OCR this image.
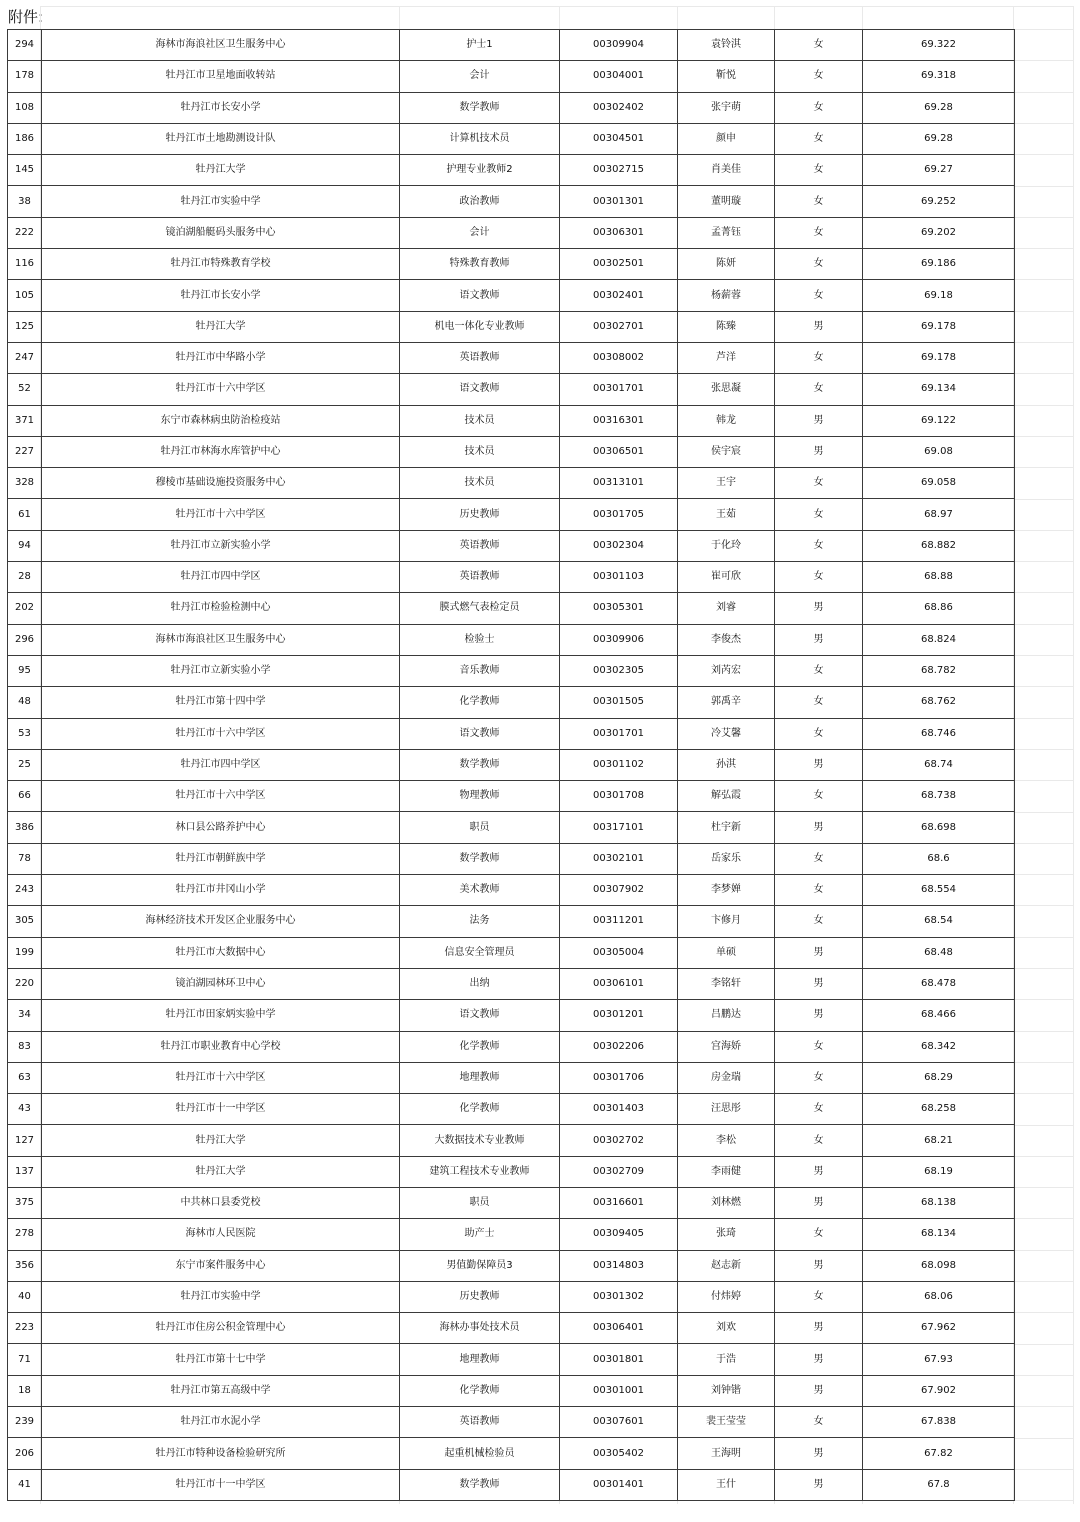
附件:
294	海林市海浪社区卫生服务中心	护士1	00309904	袁铃淇	女	69.322
178	牡丹江市卫星地面收转站	会计	00304001	靳悦	女	69.318
108	牡丹江市长安小学	数学教师	00302402	张宇萌	女	69.28
186	牡丹江市土地勘测设计队	计算机技术员	00304501	颜申	女	69.28
145	牡丹江大学	护理专业教师2	00302715	肖美佳	女	69.27
38	牡丹江市实验中学	政治教师	00301301	董明璇	女	69.252
222	镜泊湖船艇码头服务中心	会计	00306301	孟菁钰	女	69.202
116	牡丹江市特殊教育学校	特殊教育教师	00302501	陈妍	女	69.186
105	牡丹江市长安小学	语文教师	00302401	杨薪蓉	女	69.18
125	牡丹江大学	机电一体化专业教师	00302701	陈臻	男	69.178
247	牡丹江市中华路小学	英语教师	00308002	芦洋	女	69.178
52	牡丹江市十六中学区	语文教师	00301701	张思凝	女	69.134
371	东宁市森林病虫防治检疫站	技术员	00316301	韩龙	男	69.122
227	牡丹江市林海水库管护中心	技术员	00306501	侯宇宸	男	69.08
328	穆棱市基础设施投资服务中心	技术员	00313101	王宇	女	69.058
61	牡丹江市十六中学区	历史教师	00301705	王茹	女	68.97
94	牡丹江市立新实验小学	英语教师	00302304	于化玲	女	68.882
28	牡丹江市四中学区	英语教师	00301103	崔可欣	女	68.88
202	牡丹江市检验检测中心	膜式燃气表检定员	00305301	刘睿	男	68.86
296	海林市海浪社区卫生服务中心	检验士	00309906	李俊杰	男	68.824
95	牡丹江市立新实验小学	音乐教师	00302305	刘芮宏	女	68.782
48	牡丹江市第十四中学	化学教师	00301505	郭禹辛	女	68.762
53	牡丹江市十六中学区	语文教师	00301701	冷艾馨	女	68.746
25	牡丹江市四中学区	数学教师	00301102	孙淇	男	68.74
66	牡丹江市十六中学区	物理教师	00301708	解弘霞	女	68.738
386	林口县公路养护中心	职员	00317101	杜宇新	男	68.698
78	牡丹江市朝鲜族中学	数学教师	00302101	岳家乐	女	68.6
243	牡丹江市井冈山小学	美术教师	00307902	李梦婵	女	68.554
305	海林经济技术开发区企业服务中心	法务	00311201	卞修月	女	68.54
199	牡丹江市大数据中心	信息安全管理员	00305004	单硕	男	68.48
220	镜泊湖园林环卫中心	出纳	00306101	李铭轩	男	68.478
34	牡丹江市田家炳实验中学	语文教师	00301201	吕鹏达	男	68.466
83	牡丹江市职业教育中心学校	化学教师	00302206	宫海娇	女	68.342
63	牡丹江市十六中学区	地理教师	00301706	房金瑞	女	68.29
43	牡丹江市十一中学区	化学教师	00301403	汪思彤	女	68.258
127	牡丹江大学	大数据技术专业教师	00302702	李松	女	68.21
137	牡丹江大学	建筑工程技术专业教师	00302709	李雨健	男	68.19
375	中共林口县委党校	职员	00316601	刘林燃	男	68.138
278	海林市人民医院	助产士	00309405	张琦	女	68.134
356	东宁市案件服务中心	男值勤保障员3	00314803	赵志新	男	68.098
40	牡丹江市实验中学	历史教师	00301302	付炜婷	女	68.06
223	牡丹江市住房公积金管理中心	海林办事处技术员	00306401	刘欢	男	67.962
71	牡丹江市第十七中学	地理教师	00301801	于浩	男	67.93
18	牡丹江市第五高级中学	化学教师	00301001	刘钟锴	男	67.902
239	牡丹江市水泥小学	英语教师	00307601	裴王莹莹	女	67.838
206	牡丹江市特种设备检验研究所	起重机械检验员	00305402	王海明	男	67.82
41	牡丹江市十一中学区	数学教师	00301401	王什	男	67.8
